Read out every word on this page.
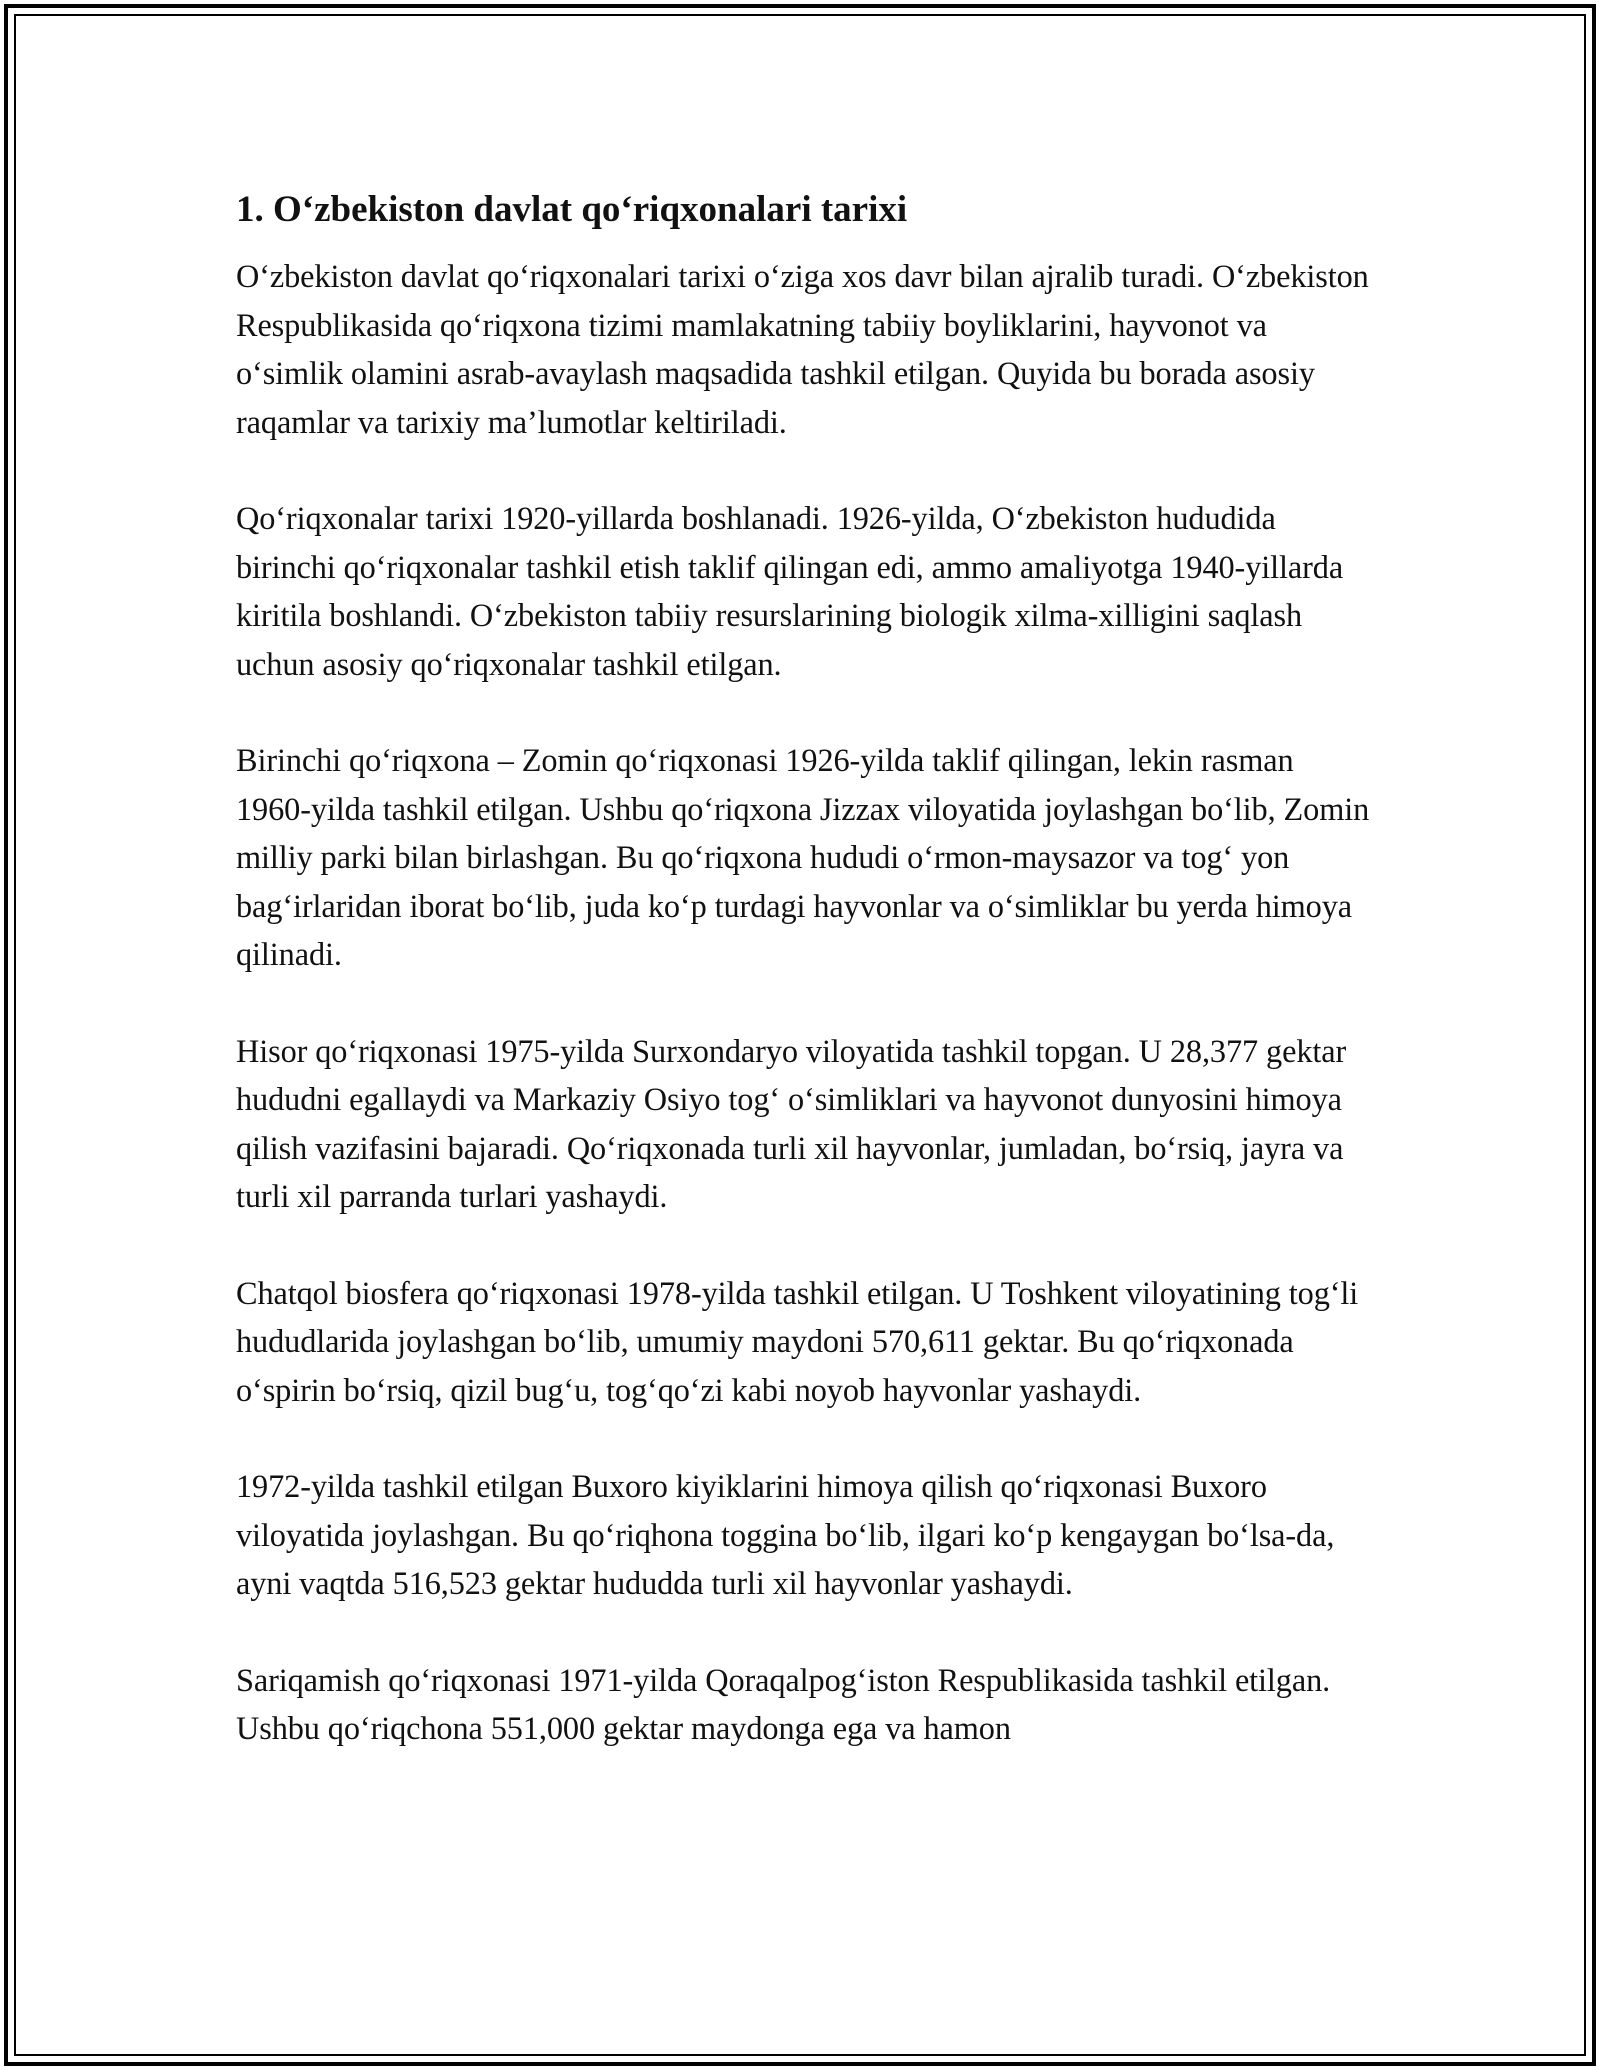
1. O‘zbekiston davlat qo‘riqxonalari tarixi

O‘zbekiston davlat qo‘riqxonalari tarixi o‘ziga xos davr bilan ajralib turadi. O‘zbekiston Respublikasida qo‘riqxona tizimi mamlakatning tabiiy boyliklarini, hayvonot va o‘simlik olamini asrab-avaylash maqsadida tashkil etilgan. Quyida bu borada asosiy raqamlar va tarixiy ma’lumotlar keltiriladi.

Qo‘riqxonalar tarixi 1920-yillarda boshlanadi. 1926-yilda, O‘zbekiston hududida birinchi qo‘riqxonalar tashkil etish taklif qilingan edi, ammo amaliyotga 1940-yillarda kiritila boshlandi. O‘zbekiston tabiiy resurslarining biologik xilma-xilligini saqlash uchun asosiy qo‘riqxonalar tashkil etilgan.

Birinchi qo‘riqxona – Zomin qo‘riqxonasi 1926-yilda taklif qilingan, lekin rasman 1960-yilda tashkil etilgan. Ushbu qo‘riqxona Jizzax viloyatida joylashgan bo‘lib, Zomin milliy parki bilan birlashgan. Bu qo‘riqxona hududi o‘rmon-maysazor va tog‘ yon bag‘irlaridan iborat bo‘lib, juda ko‘p turdagi hayvonlar va o‘simliklar bu yerda himoya qilinadi.

Hisor qo‘riqxonasi 1975-yilda Surxondaryo viloyatida tashkil topgan. U 28,377 gektar hududni egallaydi va Markaziy Osiyo tog‘ o‘simliklari va hayvonot dunyosini himoya qilish vazifasini bajaradi. Qo‘riqxonada turli xil hayvonlar, jumladan, bo‘rsiq, jayra va turli xil parranda turlari yashaydi.

Chatqol biosfera qo‘riqxonasi 1978-yilda tashkil etilgan. U Toshkent viloyatining tog‘li hududlarida joylashgan bo‘lib, umumiy maydoni 570,611 gektar. Bu qo‘riqxonada o‘spirin bo‘rsiq, qizil bug‘u, tog‘qo‘zi kabi noyob hayvonlar yashaydi.

1972-yilda tashkil etilgan Buxoro kiyiklarini himoya qilish qo‘riqxonasi Buxoro viloyatida joylashgan. Bu qo‘riqhona toggina bo‘lib, ilgari ko‘p kengaygan bo‘lsa-da, ayni vaqtda 516,523 gektar hududda turli xil hayvonlar yashaydi.

Sariqamish qo‘riqxonasi 1971-yilda Qoraqalpog‘iston Respublikasida tashkil etilgan. Ushbu qo‘riqchona 551,000 gektar maydonga ega va hamon
